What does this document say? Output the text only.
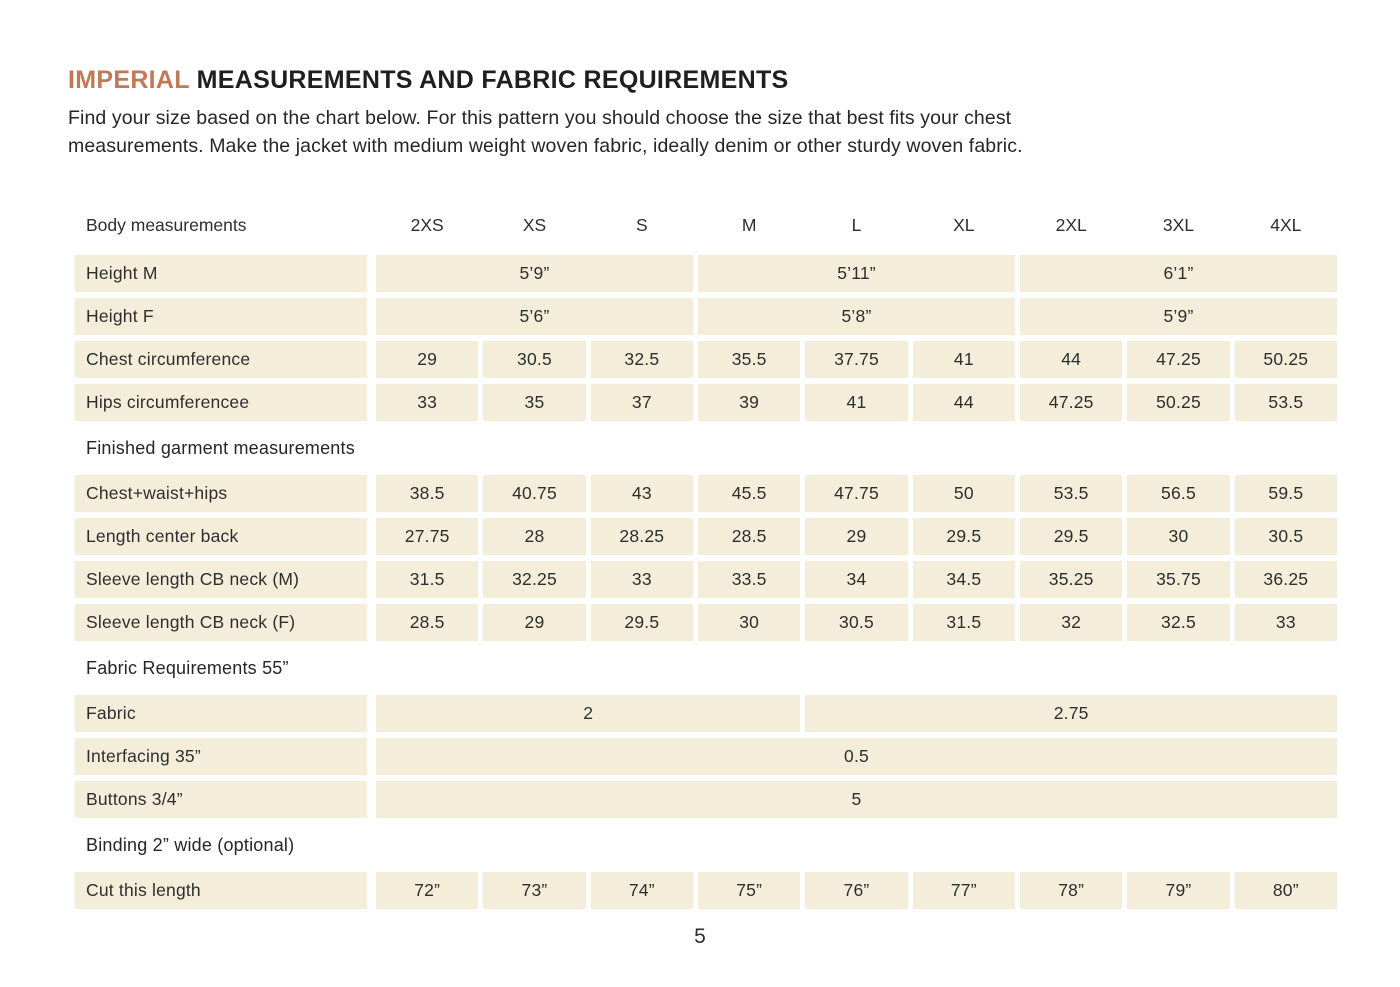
IMPERIAL MEASUREMENTS AND FABRIC REQUIREMENTS
Find your size based on the chart below. For this pattern you should choose the size that best fits your chest
measurements. Make the jacket with medium weight woven fabric, ideally denim or other sturdy woven fabric.
Body measurements	2XS	XS	S	M	L	XL	2XL	3XL	4XL
Height M	5’9”	5’11”	6’1”
Height F	5’6”	5’8”	5’9”
Chest circumference	29	30.5	32.5	35.5	37.75	41	44	47.25	50.25
Hips circumferencee	33	35	37	39	41	44	47.25	50.25	53.5
Finished garment measurements
Chest+waist+hips	38.5	40.75	43	45.5	47.75	50	53.5	56.5	59.5
Length center back	27.75	28	28.25	28.5	29	29.5	29.5	30	30.5
Sleeve length CB neck (M)	31.5	32.25	33	33.5	34	34.5	35.25	35.75	36.25
Sleeve length CB neck (F)	28.5	29	29.5	30	30.5	31.5	32	32.5	33
Fabric Requirements 55”
Fabric	2	2.75
Interfacing 35”	0.5
Buttons 3/4”	5
Binding 2” wide (optional)
Cut this length	72”	73”	74”	75”	76”	77”	78”	79”	80”
5
